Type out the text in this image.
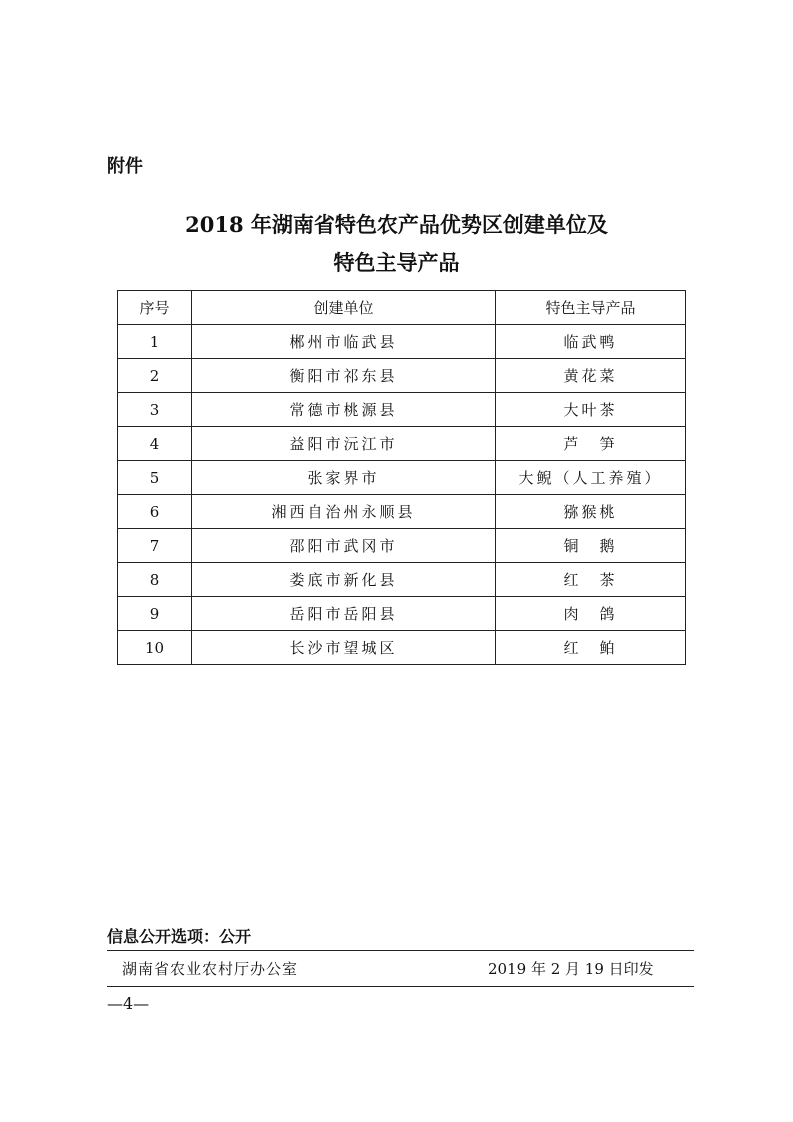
附件
2018 年湖南省特色农产品优势区创建单位及
特色主导产品
序号	创建单位	特色主导产品
1	郴州市临武县	临武鸭
2	衡阳市祁东县	黄花菜
3	常德市桃源县	大叶茶
4	益阳市沅江市	芦　笋
5	张家界市	大鲵（人工养殖）
6	湘西自治州永顺县	猕猴桃
7	邵阳市武冈市	铜　鹅
8	娄底市新化县	红　茶
9	岳阳市岳阳县	肉　鸽
10	长沙市望城区	红　鲌
信息公开选项：公开
湖南省农业农村厅办公室	2019 年 2 月 19 日印发
—4—
